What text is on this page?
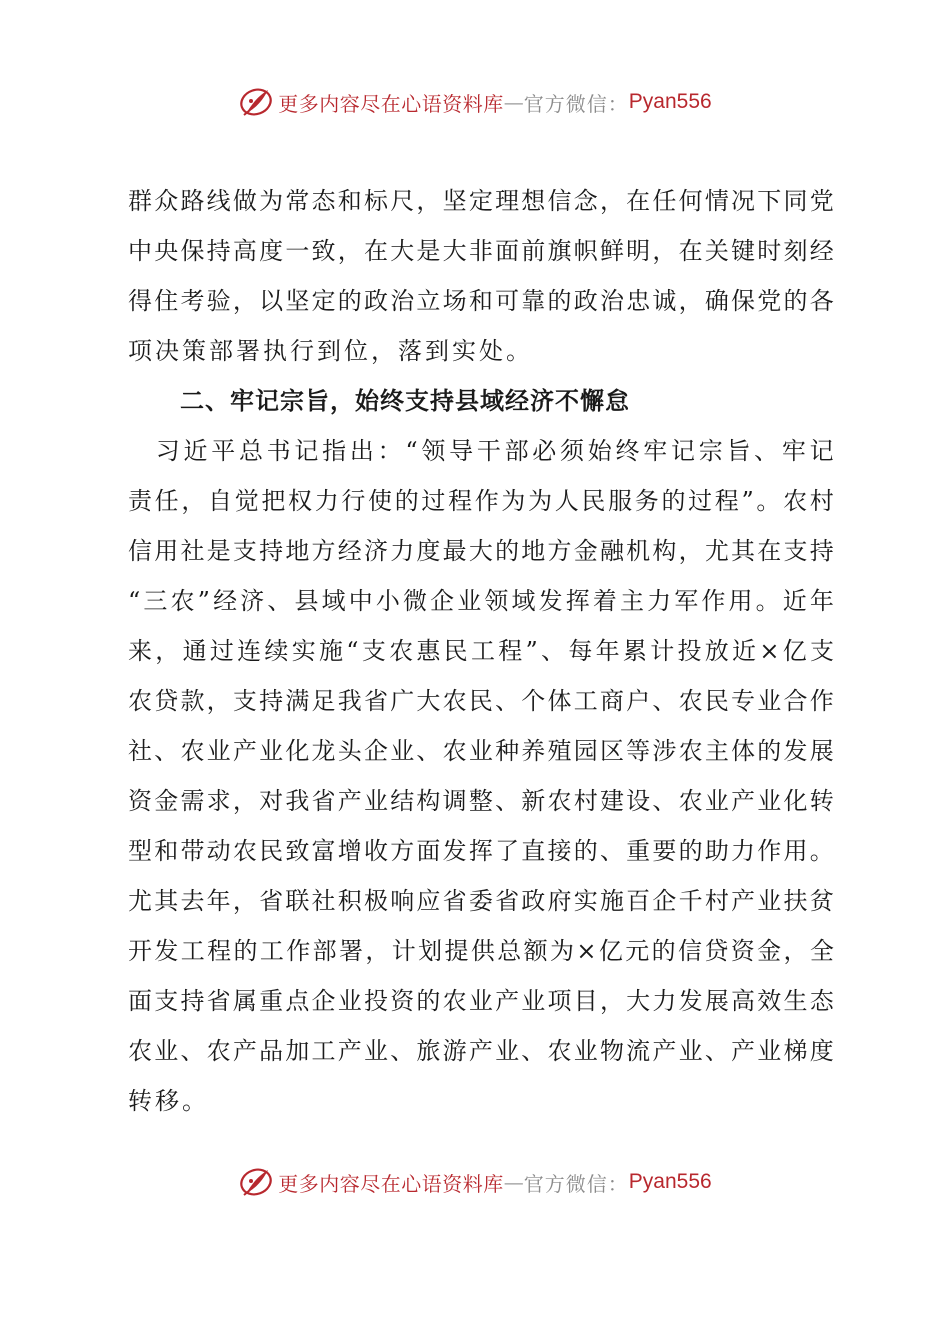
更多内容尽在心语资料库 — 官方微信： Pyan556
群 众 路 线 做 为 常 态 和 标 尺 ， 坚 定 理 想 信 念 ， 在 任 何 情 况 下 同 党
中 央 保 持 高 度 一 致 ， 在 大 是 大 非 面 前 旗 帜 鲜 明 ， 在 关 键 时 刻 经
得 住 考 验 ， 以 坚 定 的 政 治 立 场 和 可 靠 的 政 治 忠 诚 ， 确 保 党 的 各
项决策部署执行到位，落到实处。
二、牢记宗旨，始终支持县域经济不懈怠

习 近 平 总 书 记 指 出 ： “ 领 导 干 部 必 须 始 终 牢 记 宗 旨 、 牢 记
责 任 ， 自 觉 把 权 力 行 使 的 过 程 作 为 为 人 民 服 务 的 过 程 ” 。 农 村
信 用 社 是 支 持 地 方 经 济 力 度 最 大 的 地 方 金 融 机 构 ， 尤 其 在 支 持
“ 三 农 ” 经 济 、 县 域 中 小 微 企 业 领 域 发 挥 着 主 力 军 作 用 。 近 年
来 ， 通 过 连 续 实 施 “ 支 农 惠 民 工 程 ” 、 每 年 累 计 投 放 近 × 亿 支
农 贷 款 ， 支 持 满 足 我 省 广 大 农 民 、 个 体 工 商 户 、 农 民 专 业 合 作
社 、 农 业 产 业 化 龙 头 企 业 、 农 业 种 养 殖 园 区 等 涉 农 主 体 的 发 展
资 金 需 求 ， 对 我 省 产 业 结 构 调 整 、 新 农 村 建 设 、 农 业 产 业 化 转
型 和 带 动 农 民 致 富 增 收 方 面 发 挥 了 直 接 的 、 重 要 的 助 力 作 用 。
尤 其 去 年 ， 省 联 社 积 极 响 应 省 委 省 政 府 实 施 百 企 千 村 产 业 扶 贫
开 发 工 程 的 工 作 部 署 ， 计 划 提 供 总 额 为 × 亿 元 的 信 贷 资 金 ， 全
面 支 持 省 属 重 点 企 业 投 资 的 农 业 产 业 项 目 ， 大 力 发 展 高 效 生 态
农 业 、 农 产 品 加 工 产 业 、 旅 游 产 业 、 农 业 物 流 产 业 、 产 业 梯 度
转移。
更多内容尽在心语资料库 — 官方微信： Pyan556
